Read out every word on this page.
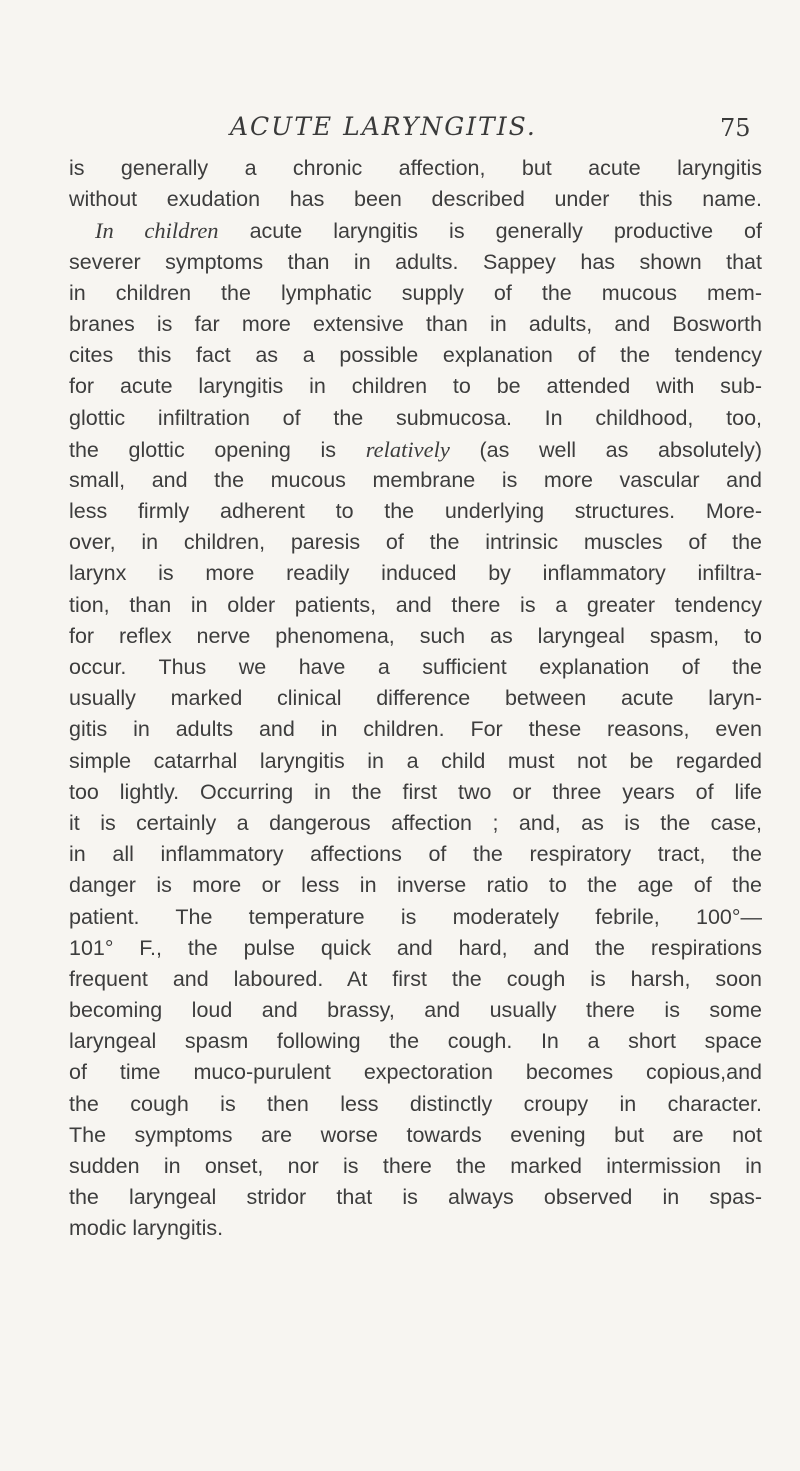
ACUTE LARYNGITIS.	75
is generally a chronic affection, but acute laryngitis
without exudation has been described under this name.
In children acute laryngitis is generally productive of
severer symptoms than in adults. Sappey has shown that
in children the lymphatic supply of the mucous mem-
branes is far more extensive than in adults, and Bosworth
cites this fact as a possible explanation of the tendency
for acute laryngitis in children to be attended with sub-
glottic infiltration of the submucosa. In childhood, too,
the glottic opening is relatively (as well as absolutely)
small, and the mucous membrane is more vascular and
less firmly adherent to the underlying structures. More-
over, in children, paresis of the intrinsic muscles of the
larynx is more readily induced by inflammatory infiltra-
tion, than in older patients, and there is a greater tendency
for reflex nerve phenomena, such as laryngeal spasm, to
occur. Thus we have a sufficient explanation of the
usually marked clinical difference between acute laryn-
gitis in adults and in children. For these reasons, even
simple catarrhal laryngitis in a child must not be regarded
too lightly. Occurring in the first two or three years of life
it is certainly a dangerous affection ; and, as is the case,
in all inflammatory affections of the respiratory tract, the
danger is more or less in inverse ratio to the age of the
patient. The temperature is moderately febrile, 100°—
101° F., the pulse quick and hard, and the respirations
frequent and laboured. At first the cough is harsh, soon
becoming loud and brassy, and usually there is some
laryngeal spasm following the cough. In a short space
of time muco-purulent expectoration becomes copious,and
the cough is then less distinctly croupy in character.
The symptoms are worse towards evening but are not
sudden in onset, nor is there the marked intermission in
the laryngeal stridor that is always observed in spas-
modic laryngitis.
